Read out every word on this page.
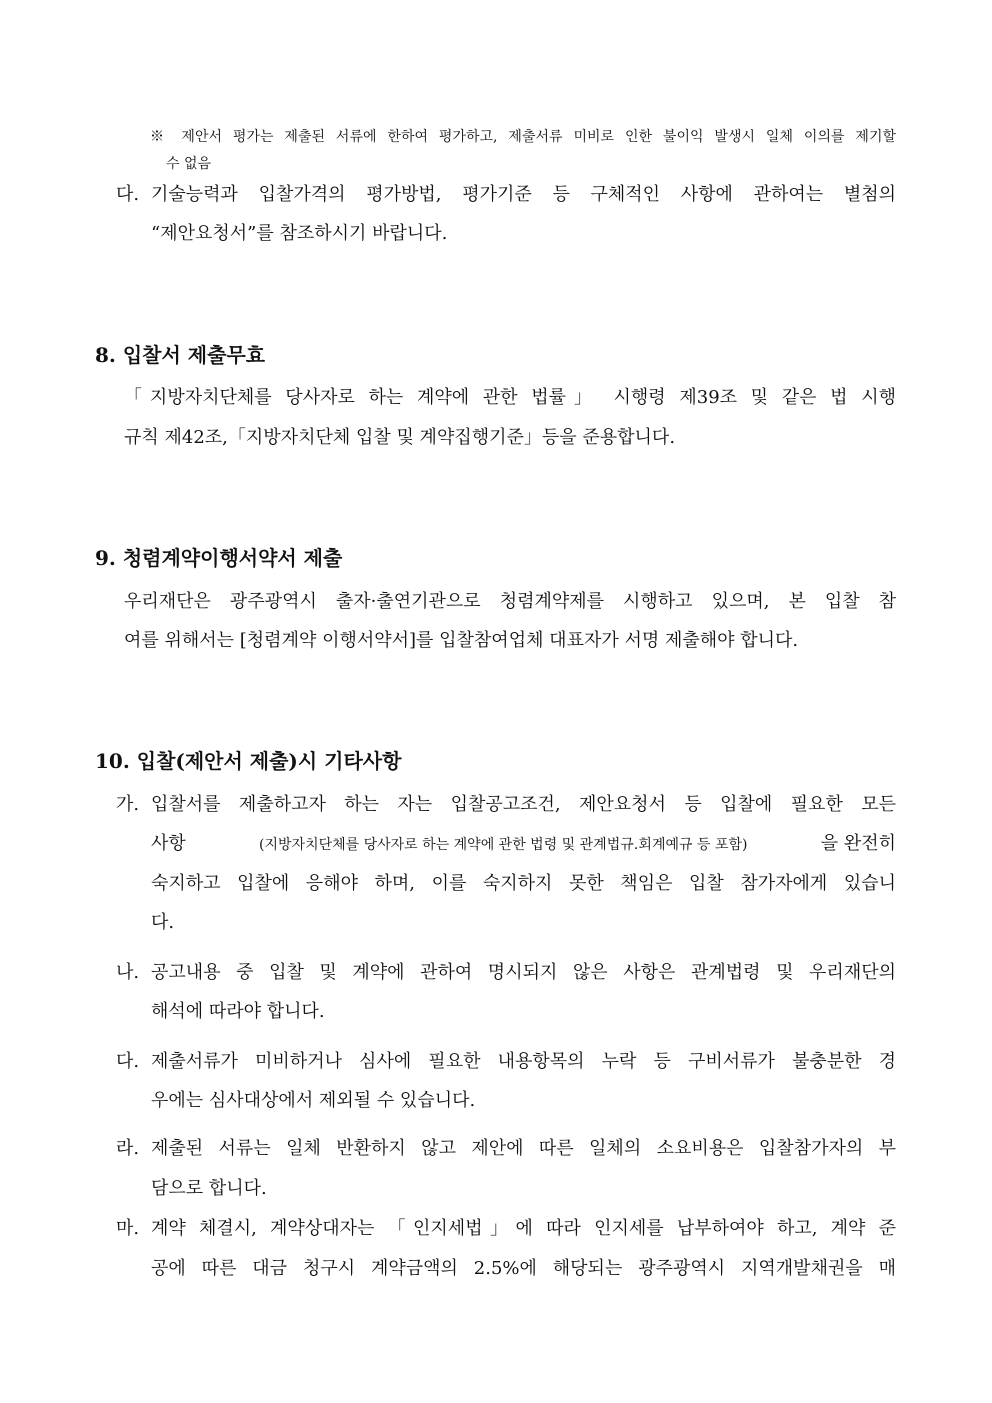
※ 제안서 평가는 제출된 서류에 한하여 평가하고, 제출서류 미비로 인한 불이익 발생시 일체 이의를 제기할
수 없음
다. 기술능력과 입찰가격의 평가방법, 평가기준 등 구체적인 사항에 관하여는 별첨의
“제안요청서”를 참조하시기 바랍니다.
8. 입찰서 제출무효
「지방자치단체를 당사자로 하는 계약에 관한 법률」 시행령 제39조 및 같은 법 시행
규칙 제42조,「지방자치단체 입찰 및 계약집행기준」등을 준용합니다.
9. 청렴계약이행서약서 제출
우리재단은 광주광역시 출자·출연기관으로 청렴계약제를 시행하고 있으며, 본 입찰 참
여를 위해서는 [청렴계약 이행서약서]를 입찰참여업체 대표자가 서명 제출해야 합니다.
10. 입찰(제안서 제출)시 기타사항
가. 입찰서를 제출하고자 하는 자는 입찰공고조건, 제안요청서 등 입찰에 필요한 모든
사항	(지방자치단체를 당사자로 하는 계약에 관한 법령 및 관계법규․회계예규 등 포함)	을 완전히
숙지하고 입찰에 응해야 하며, 이를 숙지하지 못한 책임은 입찰 참가자에게 있습니
다.
나. 공고내용 중 입찰 및 계약에 관하여 명시되지 않은 사항은 관계법령 및 우리재단의
해석에 따라야 합니다.
다. 제출서류가 미비하거나 심사에 필요한 내용항목의 누락 등 구비서류가 불충분한 경
우에는 심사대상에서 제외될 수 있습니다.
라. 제출된 서류는 일체 반환하지 않고 제안에 따른 일체의 소요비용은 입찰참가자의 부
담으로 합니다.
마. 계약 체결시, 계약상대자는 「인지세법」에 따라 인지세를 납부하여야 하고, 계약 준
공에 따른 대금 청구시 계약금액의 2.5%에 해당되는 광주광역시 지역개발채권을 매
